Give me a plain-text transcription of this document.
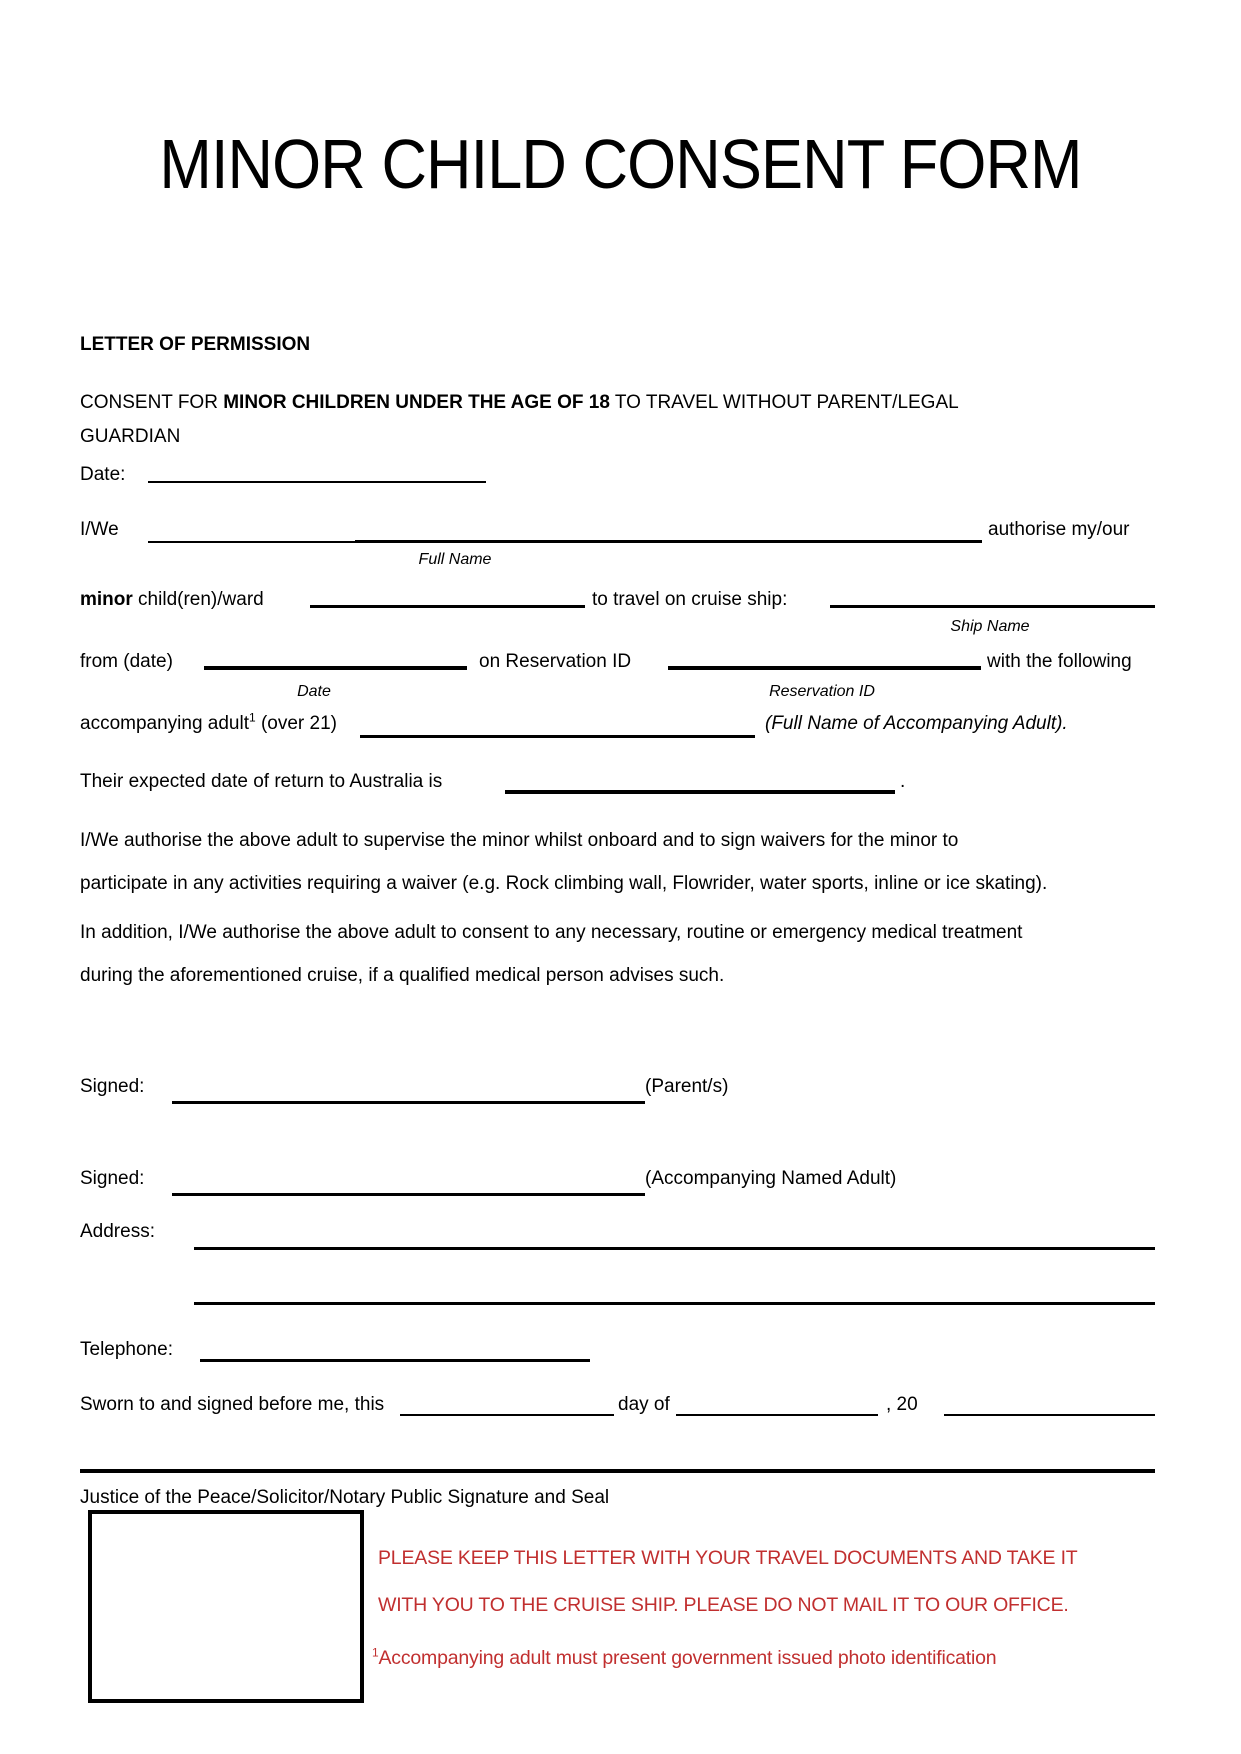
MINOR CHILD CONSENT FORM
LETTER OF PERMISSION
CONSENT FOR MINOR CHILDREN UNDER THE AGE OF 18 TO TRAVEL WITHOUT PARENT/LEGAL
GUARDIAN
Date:
I/We	authorise my/our
Full Name
minor child(ren)/ward	to travel on cruise ship:
Ship Name
from (date)	on Reservation ID	with the following
Date	Reservation ID
accompanying adult$^1$ (over 21)	(Full Name of Accompanying Adult).
Their expected date of return to Australia is	.
I/We authorise the above adult to supervise the minor whilst onboard and to sign waivers for the minor to
participate in any activities requiring a waiver (e.g. Rock climbing wall, Flowrider, water sports, inline or ice skating).
In addition, I/We authorise the above adult to consent to any necessary, routine or emergency medical treatment
during the aforementioned cruise, if a qualified medical person advises such.
Signed:	(Parent/s)
Signed:	(Accompanying Named Adult)
Address:
Telephone:
Sworn to and signed before me, this	day of	, 20
Justice of the Peace/Solicitor/Notary Public Signature and Seal
PLEASE KEEP THIS LETTER WITH YOUR TRAVEL DOCUMENTS AND TAKE IT
WITH YOU TO THE CRUISE SHIP. PLEASE DO NOT MAIL IT TO OUR OFFICE.
$^1$Accompanying adult must present government issued photo identification
